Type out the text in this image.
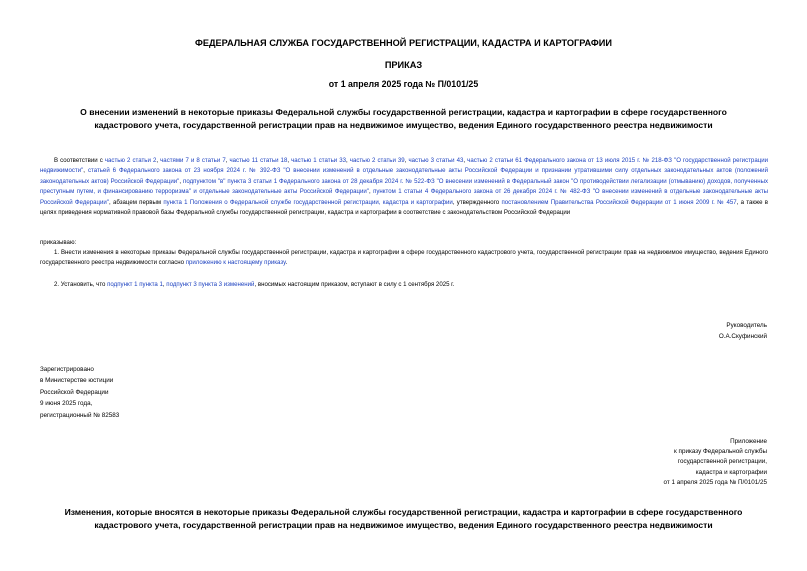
ФЕДЕРАЛЬНАЯ СЛУЖБА ГОСУДАРСТВЕННОЙ РЕГИСТРАЦИИ, КАДАСТРА И КАРТОГРАФИИ
ПРИКАЗ
от 1 апреля 2025 года № П/0101/25
О внесении изменений в некоторые приказы Федеральной службы государственной регистрации, кадастра и картографии в сфере государственного кадастрового учета, государственной регистрации прав на недвижимое имущество, ведения Единого государственного реестра недвижимости
В соответствии с частью 2 статьи 2, частями 7 и 8 статьи 7, частью 11 статьи 18, частью 1 статьи 33, частью 2 статьи 39, частью 3 статьи 43, частью 2 статьи 61 Федерального закона от 13 июля 2015 г. № 218-ФЗ "О государственной регистрации недвижимости", статьей 6 Федерального закона от 23 ноября 2024 г. № 392-ФЗ "О внесении изменений в отдельные законодательные акты Российской Федерации и признании утратившими силу отдельных законодательных актов (положений законодательных актов) Российской Федерации", подпунктом "в" пункта 3 статьи 1 Федерального закона от 28 декабря 2024 г. № 522-ФЗ "О внесении изменений в Федеральный закон "О противодействии легализации (отмыванию) доходов, полученных преступным путем, и финансированию терроризма" и отдельные законодательные акты Российской Федерации", пунктом 1 статьи 4 Федерального закона от 26 декабря 2024 г. № 482-ФЗ "О внесении изменений в отдельные законодательные акты Российской Федерации", абзацем первым пункта 1 Положения о Федеральной службе государственной регистрации, кадастра и картографии, утвержденного постановлением Правительства Российской Федерации от 1 июня 2009 г. № 457, а также в целях приведения нормативной правовой базы Федеральной службы государственной регистрации, кадастра и картографии в соответствие с законодательством Российской Федерации
приказываю:
1. Внести изменения в некоторые приказы Федеральной службы государственной регистрации, кадастра и картографии в сфере государственного кадастрового учета, государственной регистрации прав на недвижимое имущество, ведения Единого государственного реестра недвижимости согласно приложению к настоящему приказу.
2. Установить, что подпункт 1 пункта 1, подпункт 3 пункта 3 изменений, вносимых настоящим приказом, вступают в силу с 1 сентября 2025 г.
Руководитель
О.А.Скуфинский
Зарегистрировано
в Министерстве юстиции
Российской Федерации
9 июня 2025 года,
регистрационный № 82583
Приложение
к приказу Федеральной службы
государственной регистрации,
кадастра и картографии
от 1 апреля 2025 года № П/0101/25
Изменения, которые вносятся в некоторые приказы Федеральной службы государственной регистрации, кадастра и картографии в сфере государственного кадастрового учета, государственной регистрации прав на недвижимое имущество, ведения Единого государственного реестра недвижимости
